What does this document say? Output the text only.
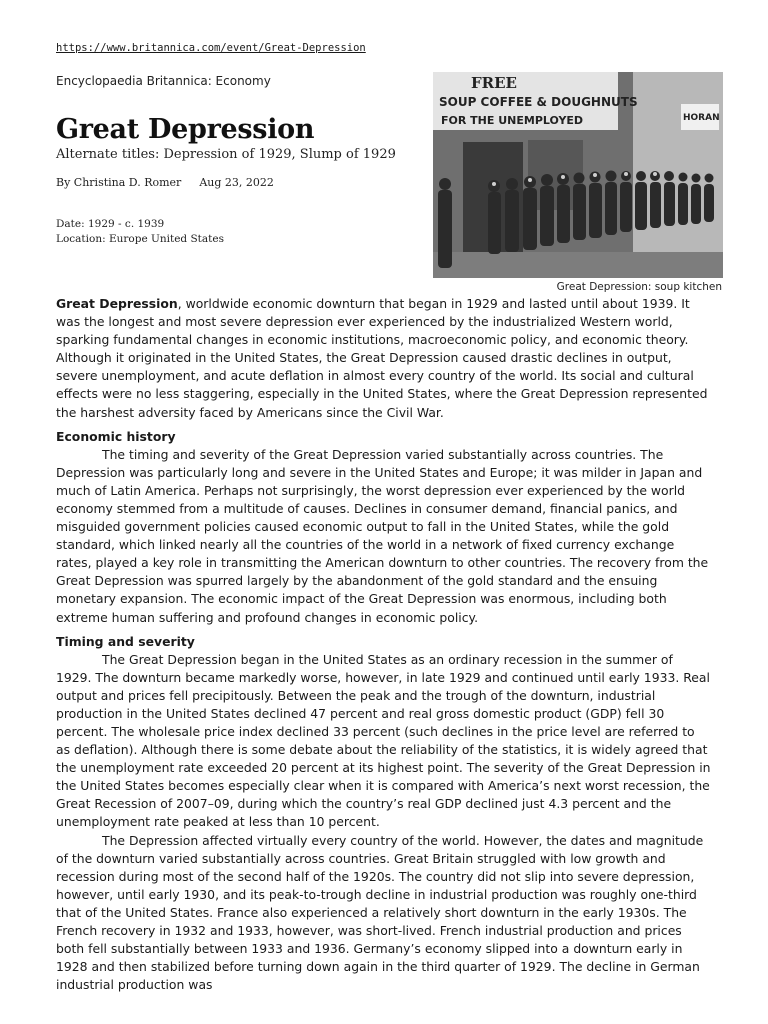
https://www.britannica.com/event/Great-Depression

Encyclopaedia Britannica: Economy

Great Depression

Alternate titles: Depression of 1929, Slump of 1929

By Christina D. Romer Aug 23, 2022

Date: 1929 - c. 1939
Location: Europe United States
FREE
SOUP COFFEE & DOUGHNUTS
FOR THE UNEMPLOYED	HORAN
Great Depression: soup kitchen

Great Depression, worldwide economic downturn that began in 1929 and lasted until about 1939. It was the longest and most severe depression ever experienced by the industrialized Western world, sparking fundamental changes in economic institutions, macroeconomic policy, and economic theory. Although it originated in the United States, the Great Depression caused drastic declines in output, severe unemployment, and acute deflation in almost every country of the world. Its social and cultural effects were no less staggering, especially in the United States, where the Great Depression represented the harshest adversity faced by Americans since the Civil War.

Economic history

The timing and severity of the Great Depression varied substantially across countries. The Depression was particularly long and severe in the United States and Europe; it was milder in Japan and much of Latin America. Perhaps not surprisingly, the worst depression ever experienced by the world economy stemmed from a multitude of causes. Declines in consumer demand, financial panics, and misguided government policies caused economic output to fall in the United States, while the gold standard, which linked nearly all the countries of the world in a network of fixed currency exchange rates, played a key role in transmitting the American downturn to other countries. The recovery from the Great Depression was spurred largely by the abandonment of the gold standard and the ensuing monetary expansion. The economic impact of the Great Depression was enormous, including both extreme human suffering and profound changes in economic policy.

Timing and severity

The Great Depression began in the United States as an ordinary recession in the summer of 1929. The downturn became markedly worse, however, in late 1929 and continued until early 1933. Real output and prices fell precipitously. Between the peak and the trough of the downturn, industrial production in the United States declined 47 percent and real gross domestic product (GDP) fell 30 percent. The wholesale price index declined 33 percent (such declines in the price level are referred to as deflation). Although there is some debate about the reliability of the statistics, it is widely agreed that the unemployment rate exceeded 20 percent at its highest point. The severity of the Great Depression in the United States becomes especially clear when it is compared with America’s next worst recession, the Great Recession of 2007–09, during which the country’s real GDP declined just 4.3 percent and the unemployment rate peaked at less than 10 percent.

The Depression affected virtually every country of the world. However, the dates and magnitude of the downturn varied substantially across countries. Great Britain struggled with low growth and recession during most of the second half of the 1920s. The country did not slip into severe depression, however, until early 1930, and its peak-to-trough decline in industrial production was roughly one-third that of the United States. France also experienced a relatively short downturn in the early 1930s. The French recovery in 1932 and 1933, however, was short-lived. French industrial production and prices both fell substantially between 1933 and 1936. Germany’s economy slipped into a downturn early in 1928 and then stabilized before turning down again in the third quarter of 1929. The decline in German industrial production was
